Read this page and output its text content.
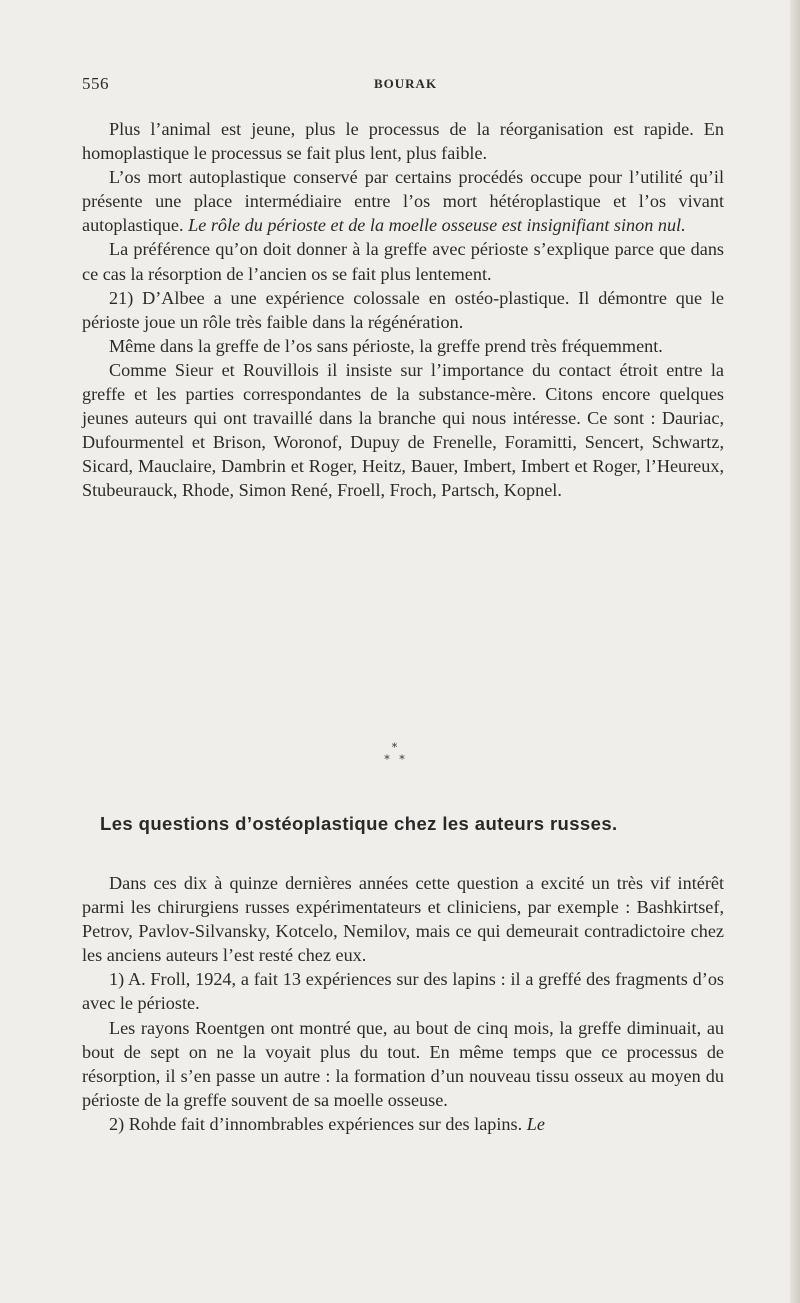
556	BOURAK

Plus l’animal est jeune, plus le processus de la réorganisation est rapide. En homoplastique le processus se fait plus lent, plus faible.

L’os mort autoplastique conservé par certains procédés occupe pour l’utilité qu’il présente une place intermédiaire entre l’os mort hétéroplastique et l’os vivant autoplastique. Le rôle du périoste et de la moelle osseuse est insignifiant sinon nul.

La préférence qu’on doit donner à la greffe avec périoste s’explique parce que dans ce cas la résorption de l’ancien os se fait plus lentement.

21) D’Albee a une expérience colossale en ostéo-plastique. Il démontre que le périoste joue un rôle très faible dans la régénération.

Même dans la greffe de l’os sans périoste, la greffe prend très fréquemment.

Comme Sieur et Rouvillois il insiste sur l’importance du contact étroit entre la greffe et les parties correspondantes de la substance-mère. Citons encore quelques jeunes auteurs qui ont travaillé dans la branche qui nous intéresse. Ce sont : Dauriac, Dufourmentel et Brison, Woronof, Dupuy de Frenelle, Foramitti, Sencert, Schwartz, Sicard, Mauclaire, Dambrin et Roger, Heitz, Bauer, Imbert, Imbert et Roger, l’Heureux, Stubeurauck, Rhode, Simon René, Froell, Froch, Partsch, Kopnel.

*
* *
Les questions d’ostéoplastique chez les auteurs russes.

Dans ces dix à quinze dernières années cette question a excité un très vif intérêt parmi les chirurgiens russes expérimentateurs et cliniciens, par exemple : Bashkirtsef, Petrov, Pavlov-Silvansky, Kotcelo, Nemilov, mais ce qui demeurait contradictoire chez les anciens auteurs l’est resté chez eux.

1) A. Froll, 1924, a fait 13 expériences sur des lapins : il a greffé des fragments d’os avec le périoste.

Les rayons Roentgen ont montré que, au bout de cinq mois, la greffe diminuait, au bout de sept on ne la voyait plus du tout. En même temps que ce processus de résorption, il s’en passe un autre : la formation d’un nouveau tissu osseux au moyen du périoste de la greffe souvent de sa moelle osseuse.

2) Rohde fait d’innombrables expériences sur des lapins. Le
